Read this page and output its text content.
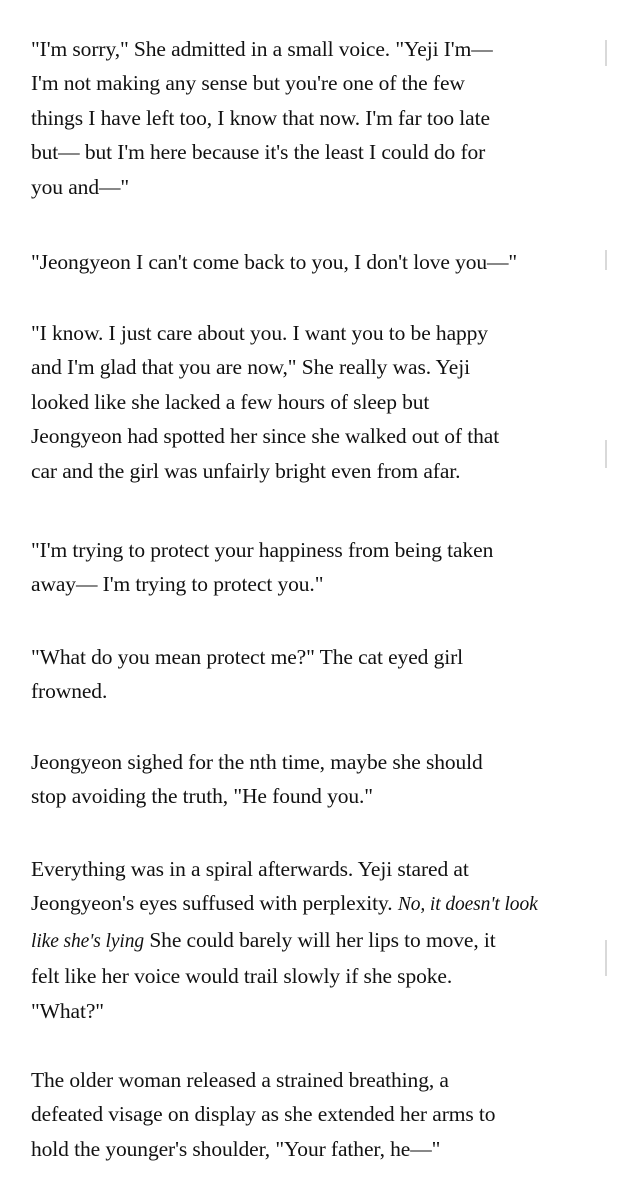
"I'm sorry," She admitted in a small voice. "Yeji I'm—
I'm not making any sense but you're one of the few
things I have left too, I know that now. I'm far too late
but— but I'm here because it's the least I could do for
you and—"

"Jeongyeon I can't come back to you, I don't love you—"

"I know. I just care about you. I want you to be happy
and I'm glad that you are now," She really was. Yeji
looked like she lacked a few hours of sleep but
Jeongyeon had spotted her since she walked out of that
car and the girl was unfairly bright even from afar.

"I'm trying to protect your happiness from being taken
away— I'm trying to protect you."

"What do you mean protect me?" The cat eyed girl
frowned.

Jeongyeon sighed for the nth time, maybe she should
stop avoiding the truth, "He found you."

Everything was in a spiral afterwards. Yeji stared at
Jeongyeon's eyes suffused with perplexity. No, it doesn't look
like she's lying She could barely will her lips to move, it
felt like her voice would trail slowly if she spoke.
"What?"

The older woman released a strained breathing, a
defeated visage on display as she extended her arms to
hold the younger's shoulder, "Your father, he—"
